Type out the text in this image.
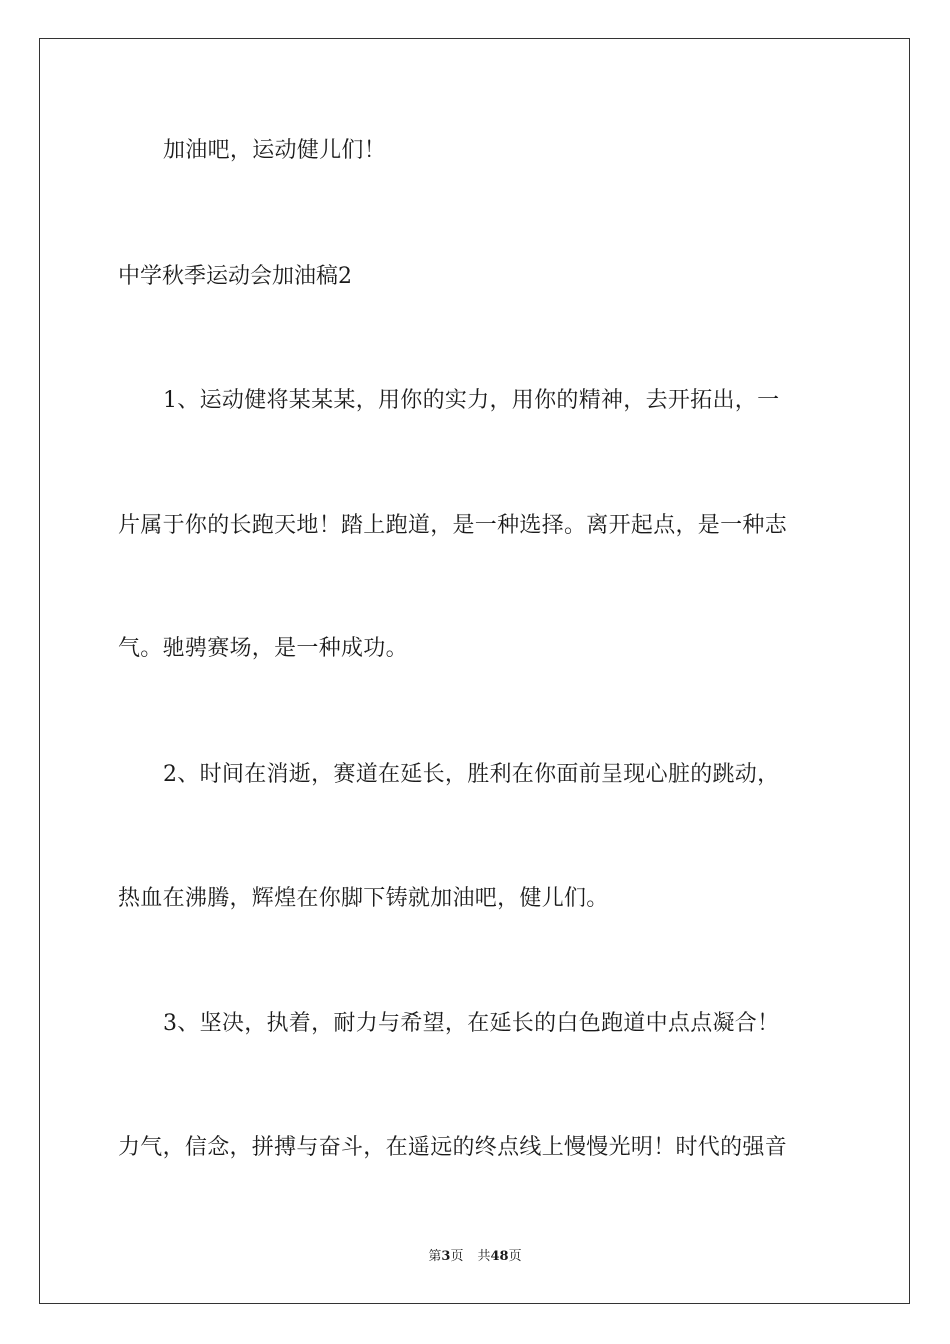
加油吧，运动健儿们！
中学秋季运动会加油稿2
1、运动健将某某某，用你的实力，用你的精神，去开拓出，一
片属于你的长跑天地！踏上跑道，是一种选择。离开起点，是一种志
气。驰骋赛场，是一种成功。
2、时间在消逝，赛道在延长，胜利在你面前呈现心脏的跳动，
热血在沸腾，辉煌在你脚下铸就加油吧，健儿们。
3、坚决，执着，耐力与希望，在延长的白色跑道中点点凝合！
力气，信念，拼搏与奋斗，在遥远的终点线上慢慢光明！时代的强音
第3页 共48页
